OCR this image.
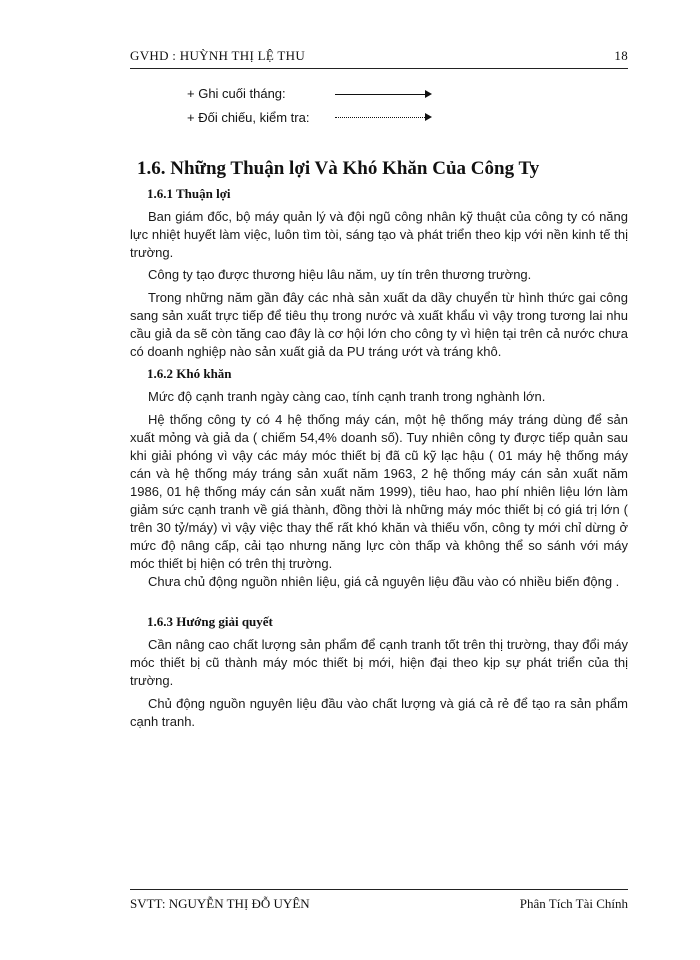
GVHD : HUỲNH THỊ LỆ THU	18
+ Ghi cuối tháng:
+ Đối chiếu, kiểm tra:
1.6. Những Thuận lợi Và Khó Khăn Của Công Ty
1.6.1 Thuận lợi
Ban giám đốc, bộ máy quản lý và đội ngũ công nhân kỹ thuật của công ty có năng lực nhiệt huyết làm việc, luôn tìm tòi, sáng tạo và phát triển theo kịp với nền kinh tế thị trường.
Công ty tạo được thương hiệu lâu năm, uy tín trên thương trường.
Trong những năm gần đây các nhà sản xuất da dầy chuyển từ hình thức gai công sang sản xuất trực tiếp để tiêu thụ trong nước và xuất khẩu vì vậy trong tương lai nhu cầu giả da sẽ còn tăng cao đây là cơ hội lớn cho công ty vì hiện tại trên cả nước chưa có doanh nghiệp nào sản xuất giả da PU tráng ướt và tráng khô.
1.6.2 Khó khăn
Mức độ cạnh tranh ngày càng cao, tính cạnh tranh trong nghành lớn.
Hệ thống công ty có 4 hệ thống máy cán, một hệ thống máy tráng dùng để sản xuất mỏng và giả da ( chiếm 54,4% doanh số). Tuy nhiên công ty được tiếp quản sau khi giải phóng vì vậy các máy móc thiết bị đã cũ kỹ lạc hậu ( 01 máy hệ thống máy cán và hệ thống máy tráng sản xuất năm 1963, 2 hệ thống máy cán sản xuất năm 1986, 01 hệ thống máy cán sản xuất năm 1999), tiêu hao, hao phí nhiên liệu lớn làm giảm sức cạnh tranh về giá thành, đồng thời là những máy móc thiết bị có giá trị lớn ( trên 30 tỷ/máy) vì vậy việc thay thế rất khó khăn và thiếu vốn, công ty mới chỉ dừng ở mức độ nâng cấp, cải tạo nhưng năng lực còn thấp và không thể so sánh với máy móc thiết bị hiện có trên thị trường.
Chưa chủ động nguồn nhiên liệu, giá cả nguyên liệu đầu vào có nhiều biến động .
1.6.3 Hướng giải quyết
Cần nâng cao chất lượng sản phẩm để cạnh tranh tốt trên thị trường, thay đổi máy móc thiết bị cũ thành máy móc thiết bị mới, hiện đại theo kịp sự phát triển của thị trường.
Chủ động nguồn nguyên liệu đầu vào chất lượng và giá cả rẻ để tạo ra sản phẩm cạnh tranh.
SVTT: NGUYỄN THỊ ĐỖ UYÊN	Phân Tích Tài Chính
